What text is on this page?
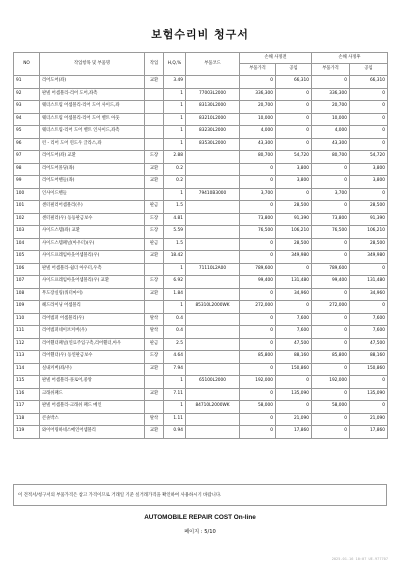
보험수리비 청구서
NO	작업항목 및 부품명	작업	H,Q,%	부품코드	손해 사정전		손해 사정후	
					부품가격	공임	부품가격	공임
91	리어도어(좌)	교환	3.49		0	66,310	0	66,310
92	판넬 어셈블리-리어 도어,좌측		1	77003L2000	336,300	0	336,300	0
93	웨더스트립 어셈블리-리어 도어 사이드,좌		1	83130L2000	20,700	0	20,700	0
94	웨더스트립 어셈블리-리어 도어 벨트 아웃		1	83210L2000	10,000	0	10,000	0
95	웨더스트립-리어 도어 벨트 인사이드,좌측		1	83230L2000	4,000	0	4,000	0
96	런 - 리어 도어 윈도우 글라스,좌		1	83530L2000	43,300	0	43,300	0
97	리어도어(좌) 교환	도장	2.88		80,700	54,720	80,700	54,720
98	리어도어몰딩(좌)	교환	0.2		0	3,800	0	3,800
99	리어도어핸들(좌)	교환	0.2		0	3,800	0	3,800
100	인사이드핸들		1	79410B3000	3,700	0	3,700	0
101	센터필러어셈블리(우)	판금	1.5		0	28,500	0	28,500
102	센터필러(우) 동등판금보수	도장	4.81		73,800	91,390	73,800	91,390
103	사이드스텝(좌) 교환	도장	5.59		76,500	106,210	76,500	106,210
104	사이드스텝패널(아우터)(우)	판금	1.5		0	28,500	0	28,500
105	사이드프레임아웃어셈블리(우)	교환	18.42		0	349,980	0	349,980
106	판넬 어셈블리-쉴더 아우터,우측		1	71110L2A00	789,600	0	789,600	0
107	사이드프레임아웃어셈블리(우) 교환	도장	6.92		99,400	131,480	99,400	131,480
108	무도장실링(쿼터마이)	교환	1.84		0	34,960	0	34,960
109	헤드라이닝 어셈블리		1	85310L2000WK	272,000	0	272,000	0
110	리어범퍼 어셈블리(우)	탈착	0.4		0	7,600	0	7,600
111	리어범퍼네이브커버(우)	탈착	0.4		0	7,600	0	7,600
112	리어휀더패널(연료주입구측,리어휀더,아우	판금	2.5		0	47,500	0	47,500
113	리어휀더(우) 동연판금보수	도장	4.64		85,800	88,160	85,800	88,160
114	실내커버(좌/우)	교환	7.94		0	150,860	0	150,860
115	판넬 어셈블리-플로어,중앙		1	65100L2000	192,000	0	192,000	0
116	크래쉬패드	교환	7.11		0	135,090	0	135,090
117	판넬 어셈블리-크래쉬 패드 메인		1	84710L2000WK	58,000	0	58,000	0
118	콘솔박스	탈착	1.11		0	21,090	0	21,090
119	와이어링하네스메인어셈블리	교환	0.94		0	17,860	0	17,860
이 견적서/청구서의 부품가격은 참고 가격이므로 거래일 기준 실거래가격을 확인하여 사용하시기 바랍니다.
AUTOMOBILE REPAIR COST On-line
페이지 : 5/10
2025-01-16 10:07 UE-977707
